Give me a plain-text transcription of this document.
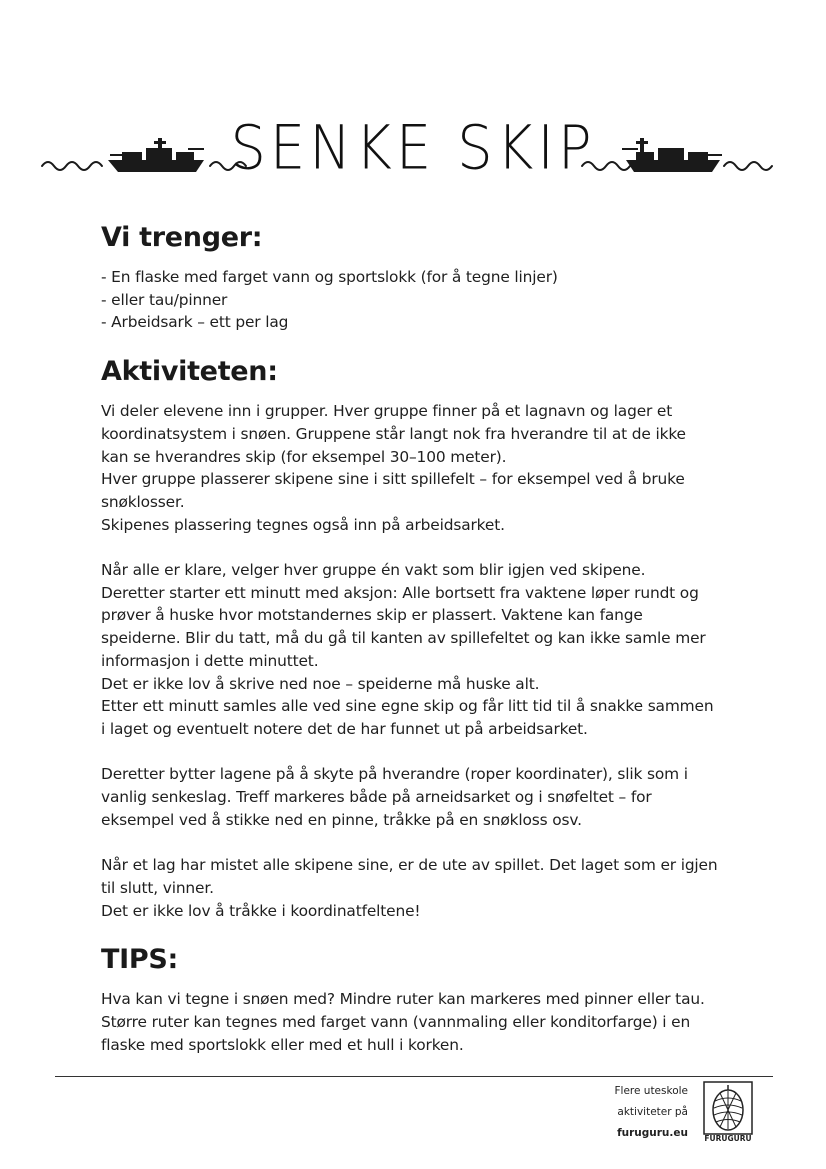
SENKE SKIP
Vi trenger:
- En flaske med farget vann og sportslokk (for å tegne linjer)
- eller tau/pinner
- Arbeidsark – ett per lag
Aktiviteten:
Vi deler elevene inn i grupper. Hver gruppe finner på et lagnavn og lager et
koordinatsystem i snøen. Gruppene står langt nok fra hverandre til at de ikke
kan se hverandres skip (for eksempel 30–100 meter).
Hver gruppe plasserer skipene sine i sitt spillefelt – for eksempel ved å bruke
snøklosser.
Skipenes plassering tegnes også inn på arbeidsarket.
Når alle er klare, velger hver gruppe én vakt som blir igjen ved skipene.
Deretter starter ett minutt med aksjon: Alle bortsett fra vaktene løper rundt og
prøver å huske hvor motstandernes skip er plassert. Vaktene kan fange
speiderne. Blir du tatt, må du gå til kanten av spillefeltet og kan ikke samle mer
informasjon i dette minuttet.
Det er ikke lov å skrive ned noe – speiderne må huske alt.
Etter ett minutt samles alle ved sine egne skip og får litt tid til å snakke sammen
i laget og eventuelt notere det de har funnet ut på arbeidsarket.
Deretter bytter lagene på å skyte på hverandre (roper koordinater), slik som i
vanlig senkeslag. Treff markeres både på arneidsarket og i snøfeltet – for
eksempel ved å stikke ned en pinne, tråkke på en snøkloss osv.
Når et lag har mistet alle skipene sine, er de ute av spillet. Det laget som er igjen
til slutt, vinner.
Det er ikke lov å tråkke i koordinatfeltene!
TIPS:
Hva kan vi tegne i snøen med? Mindre ruter kan markeres med pinner eller tau.
Større ruter kan tegnes med farget vann (vannmaling eller konditorfarge) i en
flaske med sportslokk eller med et hull i korken.
Flere uteskole
aktiviteter på
furuguru.eu FURUGURU
